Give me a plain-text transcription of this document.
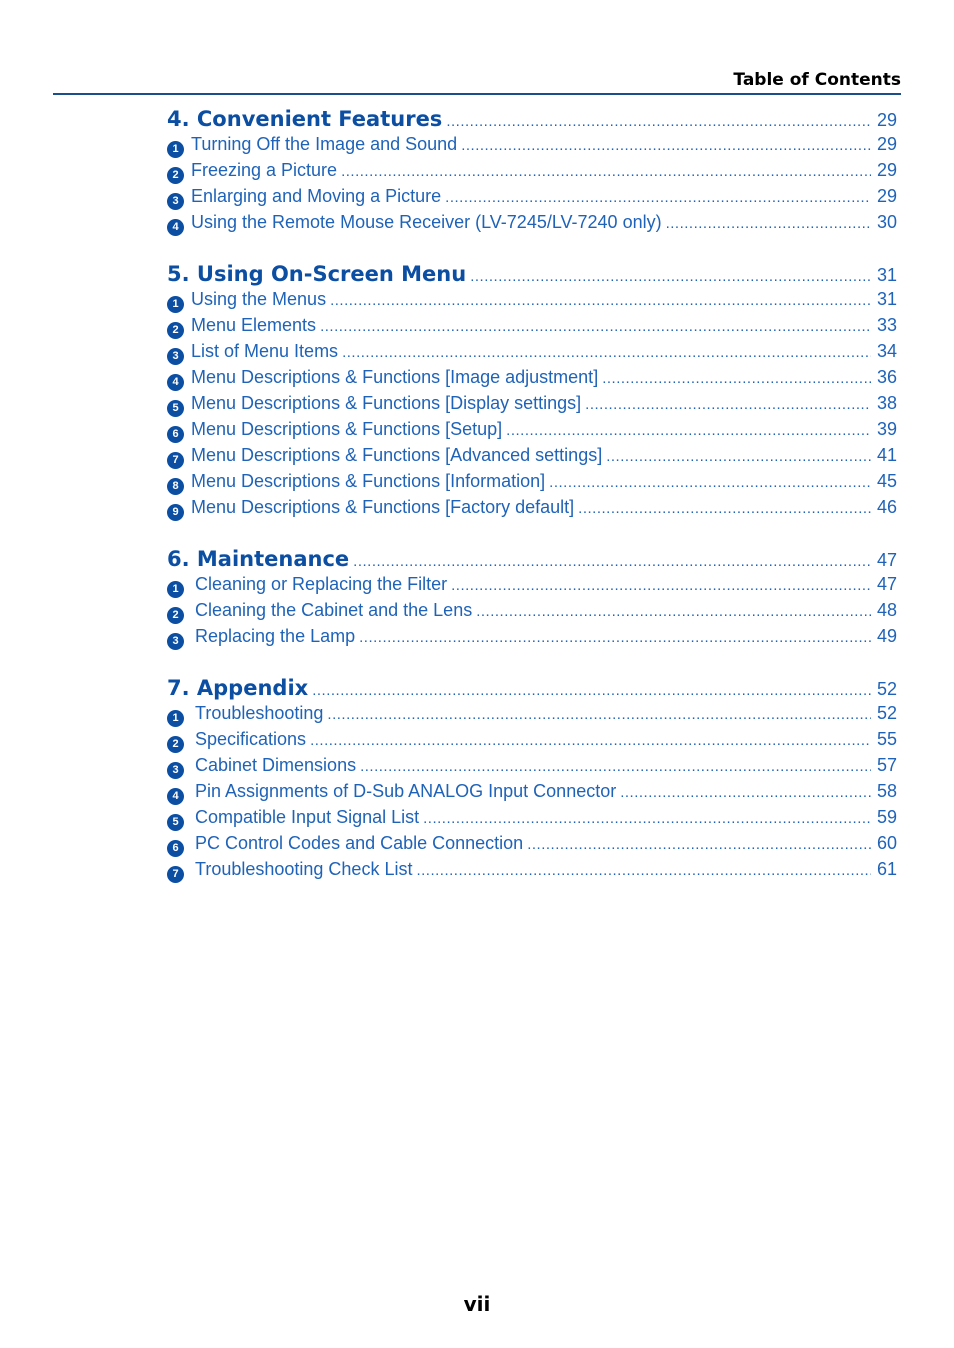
Table of Contents
4. Convenient Features .....	29
1 Turning Off the Image and Sound .....	29
2 Freezing a Picture .....	29
3 Enlarging and Moving a Picture .....	29
4 Using the Remote Mouse Receiver (LV-7245/LV-7240 only) .....	30
5. Using On-Screen Menu .....	31
1 Using the Menus .....	31
2 Menu Elements .....	33
3 List of Menu Items .....	34
4 Menu Descriptions & Functions [Image adjustment] .....	36
5 Menu Descriptions & Functions [Display settings] .....	38
6 Menu Descriptions & Functions [Setup] .....	39
7 Menu Descriptions & Functions [Advanced settings] .....	41
8 Menu Descriptions & Functions [Information] .....	45
9 Menu Descriptions & Functions [Factory default] .....	46
6. Maintenance .....	47
1 Cleaning or Replacing the Filter .....	47
2 Cleaning the Cabinet and the Lens .....	48
3 Replacing the Lamp .....	49
7. Appendix .....	52
1 Troubleshooting .....	52
2 Specifications .....	55
3 Cabinet Dimensions .....	57
4 Pin Assignments of D-Sub ANALOG Input Connector .....	58
5 Compatible Input Signal List .....	59
6 PC Control Codes and Cable Connection .....	60
7 Troubleshooting Check List .....	61
vii
